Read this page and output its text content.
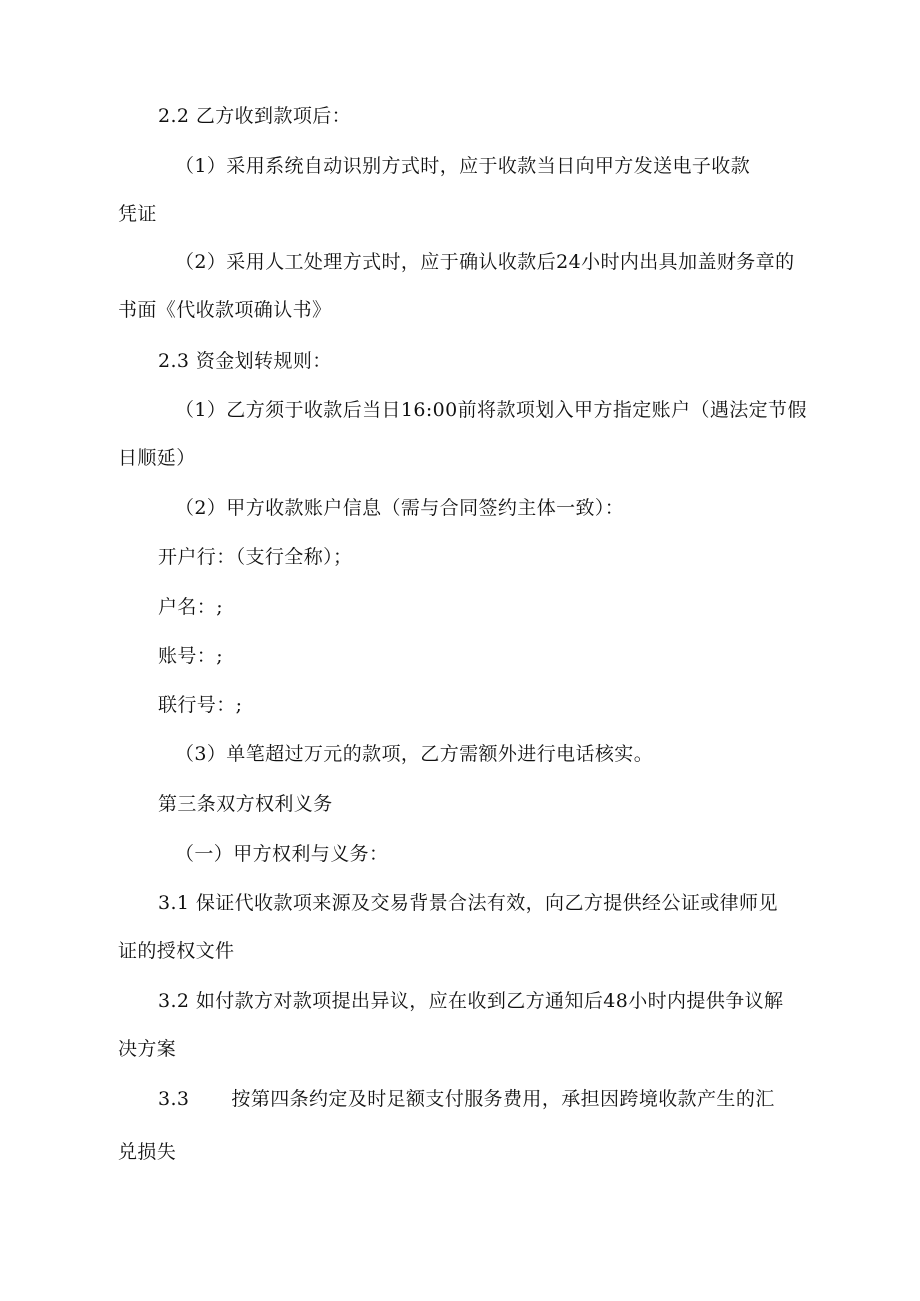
2.2 乙方收到款项后：
（1）采用系统自动识别方式时，应于收款当日向甲方发送电子收款
凭证
（2）采用人工处理方式时，应于确认收款后24小时内出具加盖财务章的
书面《代收款项确认书》
2.3 资金划转规则：
（1）乙方须于收款后当日16:00前将款项划入甲方指定账户（遇法定节假
日顺延）
（2）甲方收款账户信息（需与合同签约主体一致）：
开户行：（支行全称）；
户名：;
账号：;
联行号：;
（3）单笔超过万元的款项，乙方需额外进行电话核实。
第三条双方权利义务
（一）甲方权利与义务：
3.1 保证代收款项来源及交易背景合法有效，向乙方提供经公证或律师见
证的授权文件
3.2 如付款方对款项提出异议，应在收到乙方通知后48小时内提供争议解
决方案
3.3 按第四条约定及时足额支付服务费用，承担因跨境收款产生的汇
兑损失
